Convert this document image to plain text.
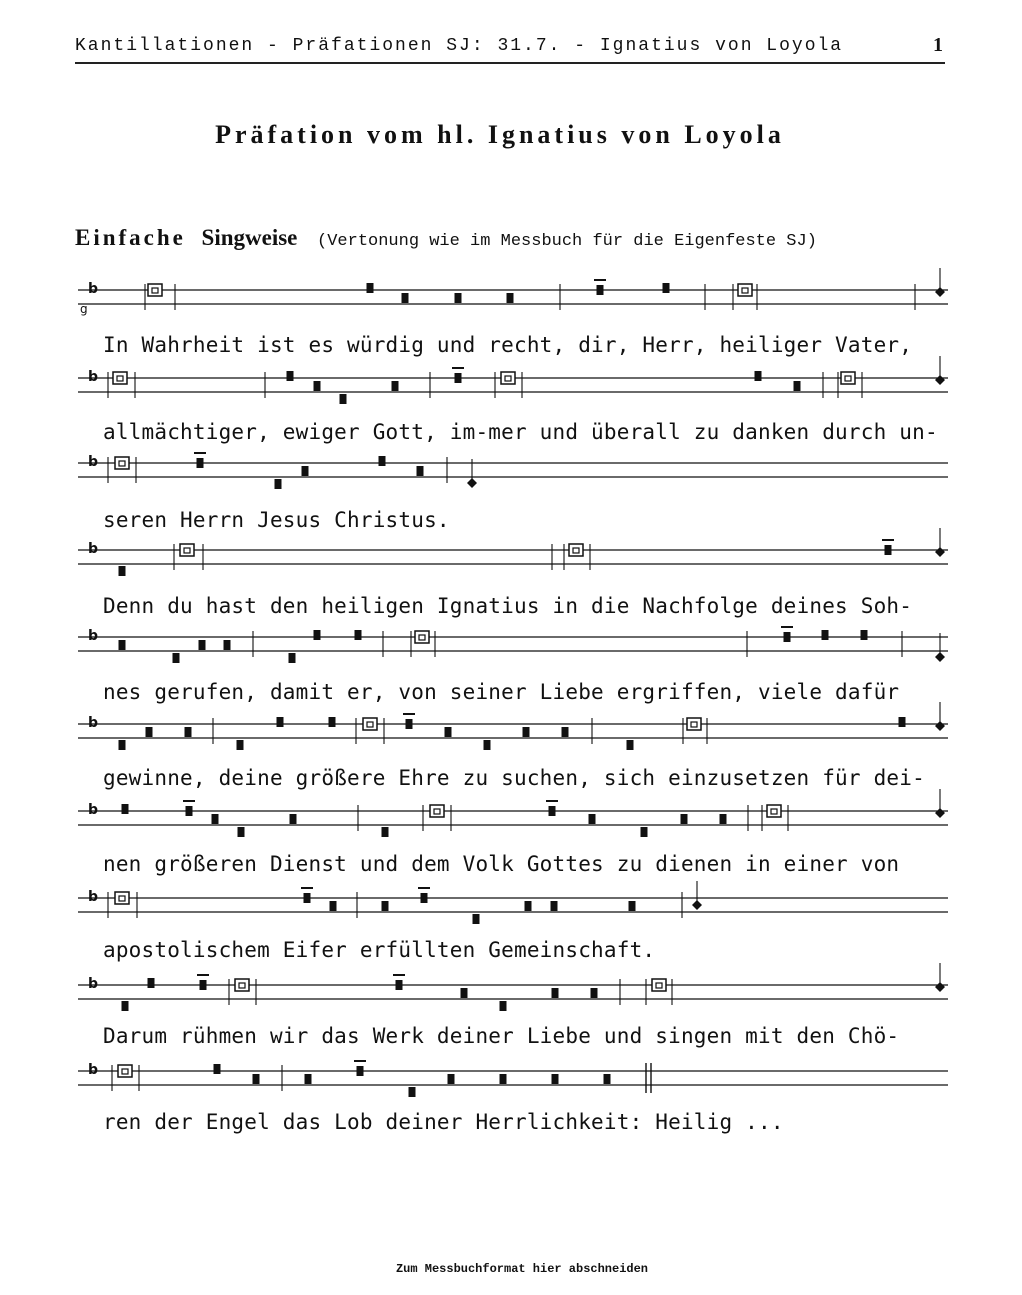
Kantillationen - Präfationen SJ: 31.7. - Ignatius von Loyola	1
Präfation vom hl. Ignatius von Loyola
Einfache Singweise (Vertonung wie im Messbuch für die Eigenfeste SJ)
b
g
b
b
b
b
b
b
b
b
b
In Wahrheit ist es würdig und recht, dir, Herr, heiliger Vater,
allmächtiger, ewiger Gott, im-mer und überall zu danken durch un-
seren Herrn Jesus Christus.
Denn du hast den heiligen Ignatius in die Nachfolge deines Soh-
nes gerufen, damit er, von seiner Liebe ergriffen, viele dafür
gewinne, deine größere Ehre zu suchen, sich einzusetzen für dei-
nen größeren Dienst und dem Volk Gottes zu dienen in einer von
apostolischem Eifer erfüllten Gemeinschaft.
Darum rühmen wir das Werk deiner Liebe und singen mit den Chö-
ren der Engel das Lob deiner Herrlichkeit: Heilig ...
Zum Messbuchformat hier abschneiden
